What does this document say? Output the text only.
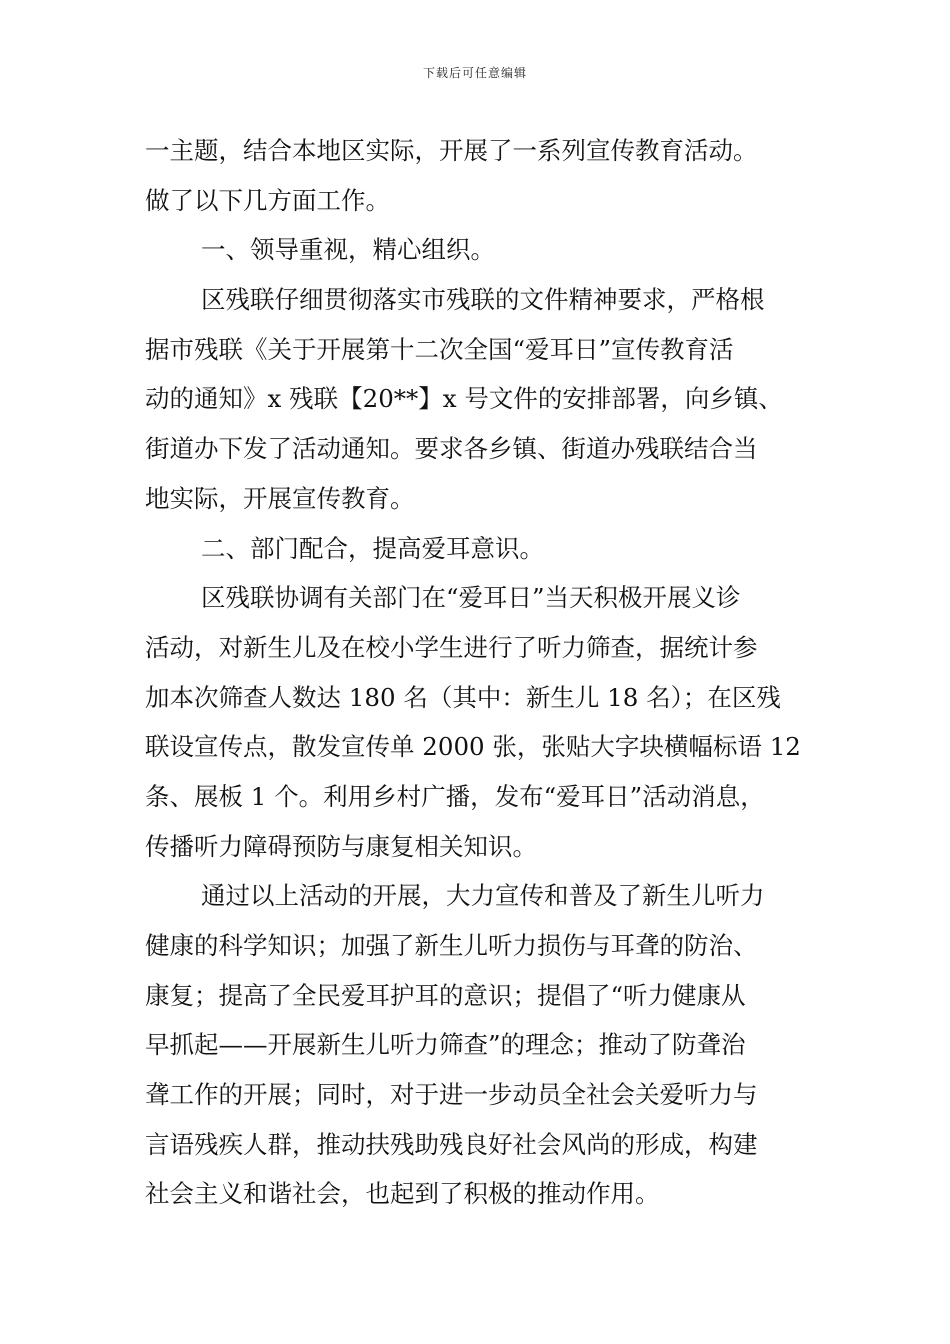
下载后可任意编辑
一主题，结合本地区实际，开展了一系列宣传教育活动。
做了以下几方面工作。
一、领导重视，精心组织。
区残联仔细贯彻落实市残联的文件精神要求，严格根
据市残联《关于开展第十二次全国“爱耳日”宣传教育活
动的通知》x 残联【20**】x 号文件的安排部署，向乡镇、
街道办下发了活动通知。要求各乡镇、街道办残联结合当
地实际，开展宣传教育。
二、部门配合，提高爱耳意识。
区残联协调有关部门在“爱耳日”当天积极开展义诊
活动，对新生儿及在校小学生进行了听力筛查，据统计参
加本次筛查人数达 180 名（其中：新生儿 18 名）；在区残
联设宣传点，散发宣传单 2000 张，张贴大字块横幅标语 12
条、展板 1 个。利用乡村广播，发布“爱耳日”活动消息，
传播听力障碍预防与康复相关知识。
通过以上活动的开展，大力宣传和普及了新生儿听力
健康的科学知识；加强了新生儿听力损伤与耳聋的防治、
康复；提高了全民爱耳护耳的意识；提倡了“听力健康从
早抓起——开展新生儿听力筛查”的理念；推动了防聋治
聋工作的开展；同时，对于进一步动员全社会关爱听力与
言语残疾人群，推动扶残助残良好社会风尚的形成，构建
社会主义和谐社会，也起到了积极的推动作用。
